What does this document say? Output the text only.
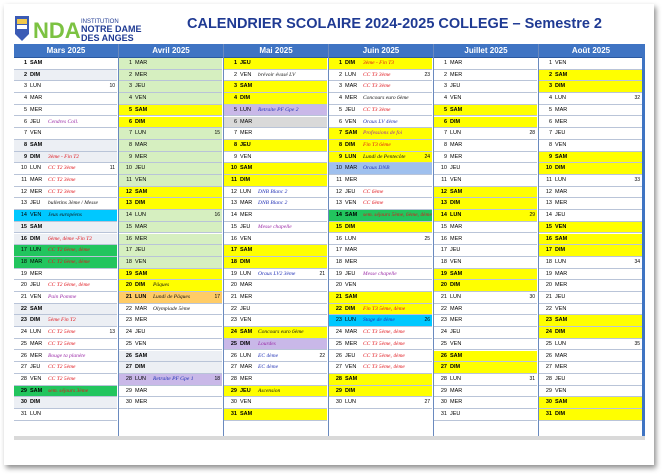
NDA INSTITUTION
NOTRE DAME
DES ANGES
CALENDRIER SCOLAIRE 2024-2025 COLLEGE – Semestre 2
Mars 2025
1 SAM
2 DIM
3 LUN	10
4 MAR
5 MER
6 JEU Cendres Coll.
7 VEN
8 SAM
9 DIM 3ème - Fin T2
10 LUN CC T2 3ème	11
11 MAR CC T2 3ème
12 MER CC T2 3ème
13 JEU bulletins 3ème / Messe
14 VEN Jeux européens
15 SAM
16 DIM 6ème, 4ème -Fin T2
17 LUN CC T2 6ème, 4ème
18 MAR CC T2 6ème, 4ème
19 MER
20 JEU CC T2 6ème, 4ème
21 VEN Pain Pomme
22 SAM
23 DIM 5ème Fin T2
24 LUN CC T2 5ème	13
25 MAR CC T2 5ème
26 MER Bouge ta planète
27 JEU CC T2 5ème
28 VEN CC T2 5ème
29 SAM sem. séjours 3ème
30 DIM
31 LUN
Avril 2025
1 MAR
2 MER
3 JEU
4 VEN
5 SAM
6 DIM
7 LUN	15
8 MAR
9 MER
10 JEU
11 VEN
12 SAM
13 DIM
14 LUN	16
15 MAR
16 MER
17 JEU
18 VEN
19 SAM
20 DIM Pâques
21 LUN Lundi de Pâques	17
22 MAR Olympiade 5ème
23 MER
24 JEU
25 VEN
26 SAM
27 DIM
28 LUN Retraite PF Gpe 1	18
29 MAR
30 MER
Mai 2025
1 JEU
2 VEN brévoir évasé LV
3 SAM
4 DIM
5 LUN Retraite PF Gpe 2
6 MAR
7 MER
8 JEU
9 VEN
10 SAM
11 DIM
12 LUN DNB Blanc 2
13 MAR DNB Blanc 2
14 MER
15 JEU Messe chapelle
16 VEN
17 SAM
18 DIM
19 LUN Oraux LV2 3ème	21
20 MAR
21 MER
22 JEU
23 VEN
24 SAM Concours euro 6ème
25 DIM Lourdes
26 LUN EC 4ème	22
27 MAR EC 4ème
28 MER
29 JEU Ascension
30 VEN
31 SAM
Juin 2025
1 DIM 3ème - Fin T3
2 LUN CC T3 3ème	23
3 MAR CC T3 3ème
4 MER Concours euro 6ème
5 JEU CC T3 3ème
6 VEN Oraux LV 4ème
7 SAM Professions de foi
8 DIM Fin T3 6ème
9 LUN Lundi de Pentecôte	24
10 MAR Oraux DNB
11 MER
12 JEU CC 6ème
13 VEN CC 6ème
14 SAM sem. séjours 5ème, 6ème, 4ème
15 DIM
16 LUN	25
17 MAR
18 MER
19 JEU Messe chapelle
20 VEN
21 SAM
22 DIM Fin T3 5ème, 4ème
23 LUN Stage de 4ème	26
24 MAR CC T3 5ème, 4ème
25 MER CC T3 5ème, 4ème
26 JEU CC T3 5ème, 4ème
27 VEN CC T3 5ème, 4ème
28 SAM
29 DIM
30 LUN	27
Juillet 2025
1 MAR
2 MER
3 JEU
4 VEN
5 SAM
6 DIM
7 LUN	28
8 MAR
9 MER
10 JEU
11 VEN
12 SAM
13 DIM
14 LUN	29
15 MAR
16 MER
17 JEU
18 VEN
19 SAM
20 DIM
21 LUN	30
22 MAR
23 MER
24 JEU
25 VEN
26 SAM
27 DIM
28 LUN	31
29 MAR
30 MER
31 JEU
Août 2025
1 VEN
2 SAM
3 DIM
4 LUN	32
5 MAR
6 MER
7 JEU
8 VEN
9 SAM
10 DIM
11 LUN	33
12 MAR
13 MER
14 JEU
15 VEN
16 SAM
17 DIM
18 LUN	34
19 MAR
20 MER
21 JEU
22 VEN
23 SAM
24 DIM
25 LUN	35
26 MAR
27 MER
28 JEU
29 VEN
30 SAM
31 DIM
